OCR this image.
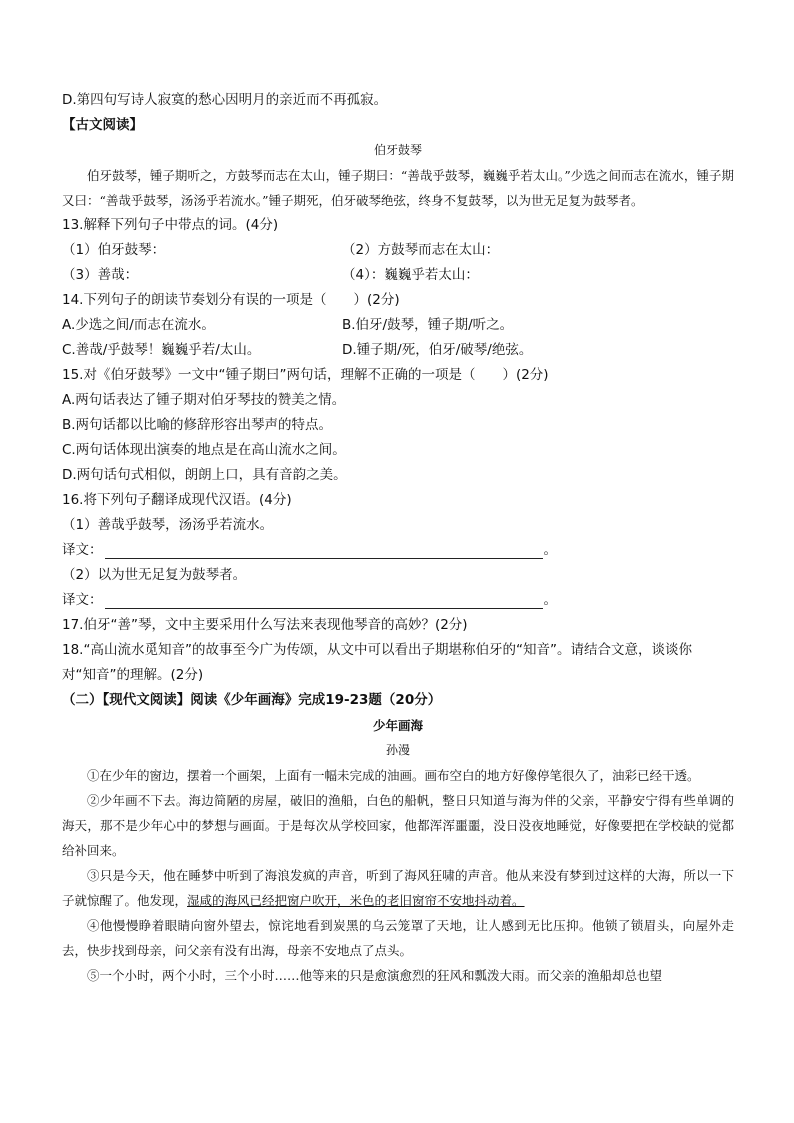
D.第四句写诗人寂寞的愁心因明月的亲近而不再孤寂。
【古文阅读】
伯牙鼓琴
伯牙鼓琴，锺子期听之，方鼓琴而志在太山，锺子期曰：“善哉乎鼓琴，巍巍乎若太山。”少选之间而志在流水，锺子期又曰：“善哉乎鼓琴，汤汤乎若流水。”锺子期死，伯牙破琴绝弦，终身不复鼓琴，以为世无足复为鼓琴者。
13.解释下列句子中带点的词。(4分)
（1）伯牙鼓琴：	（2）方鼓琴而志在太山：
（3）善哉：	（4）：巍巍乎若太山：
14.下列句子的朗读节奏划分有误的一项是（　　）(2分)
A.少选之间/而志在流水。	B.伯牙/鼓琴，锺子期/听之。
C.善哉/乎鼓琴！巍巍乎若/太山。	D.锺子期/死，伯牙/破琴/绝弦。
15.对《伯牙鼓琴》一文中“锺子期曰”两句话，理解不正确的一项是（　　）(2分)
A.两句话表达了锺子期对伯牙琴技的赞美之情。
B.两句话都以比喻的修辞形容出琴声的特点。
C.两句话体现出演奏的地点是在高山流水之间。
D.两句话句式相似，朗朗上口，具有音韵之美。
16.将下列句子翻译成现代汉语。(4分)
（1）善哉乎鼓琴，汤汤乎若流水。
译文：	。
（2）以为世无足复为鼓琴者。
译文：	。
17.伯牙“善”琴，文中主要采用什么写法来表现他琴音的高妙？(2分)
18.“高山流水觅知音”的故事至今广为传颂，从文中可以看出子期堪称伯牙的“知音”。请结合文意，谈谈你
对“知音”的理解。(2分)
（二）【现代文阅读】阅读《少年画海》完成19-23题（20分）
少年画海
孙漫
①在少年的窗边，摆着一个画架，上面有一幅未完成的油画。画布空白的地方好像停笔很久了，油彩已经干透。
②少年画不下去。海边简陋的房屋，破旧的渔船，白色的船帆，整日只知道与海为伴的父亲，平静安宁得有些单调的海天，那不是少年心中的梦想与画面。于是每次从学校回家，他都浑浑噩噩，没日没夜地睡觉，好像要把在学校缺的觉都给补回来。
③只是今天，他在睡梦中听到了海浪发疯的声音，听到了海风狂啸的声音。他从来没有梦到过这样的大海，所以一下子就惊醒了。他发现，湿咸的海风已经把窗户吹开，米色的老旧窗帘不安地抖动着。
④他慢慢睁着眼睛向窗外望去，惊诧地看到炭黑的乌云笼罩了天地，让人感到无比压抑。他锁了锁眉头，向屋外走去，快步找到母亲，问父亲有没有出海，母亲不安地点了点头。
⑤一个小时，两个小时，三个小时……他等来的只是愈演愈烈的狂风和瓢泼大雨。而父亲的渔船却总也望
